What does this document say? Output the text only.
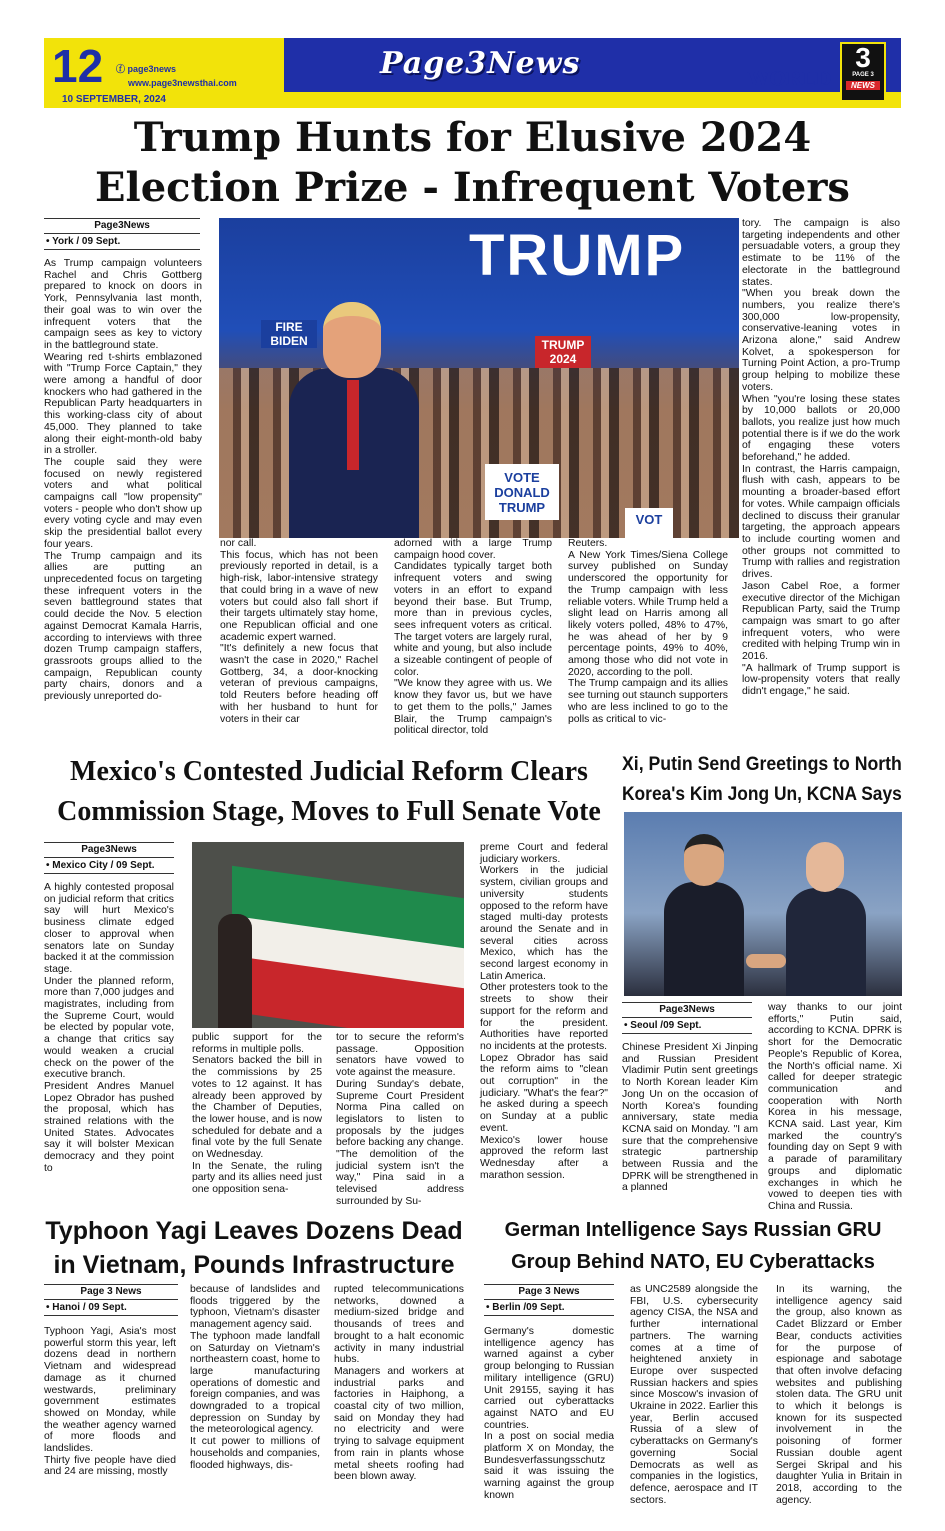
12 ⓕ page3news
www.page3newsthai.com
10 SEPTEMBER, 2024
Page3News	WORLD
3
PAGE 3
NEWS
Trump Hunts for Elusive 2024
Election Prize - Infrequent Voters
Page3News
• York / 09 Sept.	TRUMP
FIRE BIDEN	TRUMP 2024
VOTE DONALD TRUMP
VOT
As Trump campaign volunteers Rachel and Chris Gottberg prepared to knock on doors in York, Pennsylvania last month, their goal was to win over the infrequent voters that the campaign sees as key to victory in the battleground state.
Wearing red t-shirts emblazoned with "Trump Force Captain," they were among a handful of door knockers who had gathered in the Republican Party headquarters in this working-class city of about 45,000. They planned to take along their eight-month-old baby in a stroller.
The couple said they were focused on newly registered voters and what political campaigns call "low propensity" voters - people who don't show up every voting cycle and may even skip the presidential ballot every four years.
The Trump campaign and its allies are putting an unprecedented focus on targeting these infrequent voters in the seven battleground states that could decide the Nov. 5 election against Democrat Kamala Harris, according to interviews with three dozen Trump campaign staffers, grassroots groups allied to the campaign, Republican county party chairs, donors and a previously unreported do-
nor call.
This focus, which has not been previously reported in detail, is a high-risk, labor-intensive strategy that could bring in a wave of new voters but could also fall short if their targets ultimately stay home, one Republican official and one academic expert warned.
"It's definitely a new focus that wasn't the case in 2020," Rachel Gottberg, 34, a door-knocking veteran of previous campaigns, told Reuters before heading off with her husband to hunt for voters in their car
adorned with a large Trump campaign hood cover.
Candidates typically target both infrequent voters and swing voters in an effort to expand beyond their base. But Trump, more than in previous cycles, sees infrequent voters as critical. The target voters are largely rural, white and young, but also include a sizeable contingent of people of color.
"We know they agree with us. We know they favor us, but we have to get them to the polls," James Blair, the Trump campaign's political director, told
Reuters.
A New York Times/Siena College survey published on Sunday underscored the opportunity for the Trump campaign with less reliable voters. While Trump held a slight lead on Harris among all likely voters polled, 48% to 47%, he was ahead of her by 9 percentage points, 49% to 40%, among those who did not vote in 2020, according to the poll.
The Trump campaign and its allies see turning out staunch supporters who are less inclined to go to the polls as critical to vic-
tory. The campaign is also targeting independents and other persuadable voters, a group they estimate to be 11% of the electorate in the battleground states.
"When you break down the numbers, you realize there's 300,000 low-propensity, conservative-leaning votes in Arizona alone," said Andrew Kolvet, a spokesperson for Turning Point Action, a pro-Trump group helping to mobilize these voters.
When "you're losing these states by 10,000 ballots or 20,000 ballots, you realize just how much potential there is if we do the work of engaging these voters beforehand," he added.
In contrast, the Harris campaign, flush with cash, appears to be mounting a broader-based effort for votes. While campaign officials declined to discuss their granular targeting, the approach appears to include courting women and other groups not committed to Trump with rallies and registration drives.
Jason Cabel Roe, a former executive director of the Michigan Republican Party, said the Trump campaign was smart to go after infrequent voters, who were credited with helping Trump win in 2016.
"A hallmark of Trump support is low-propensity voters that really didn't engage," he said.
Mexico's Contested Judicial Reform Clears
Commission Stage, Moves to Full Senate Vote
Page3News
• Mexico City / 09 Sept.
A highly contested proposal on judicial reform that critics say will hurt Mexico's business climate edged closer to approval when senators late on Sunday backed it at the commission stage.
Under the planned reform, more than 7,000 judges and magistrates, including from the Supreme Court, would be elected by popular vote, a change that critics say would weaken a crucial check on the power of the executive branch.
President Andres Manuel Lopez Obrador has pushed the proposal, which has strained relations with the United States. Advocates say it will bolster Mexican democracy and they point to
public support for the reforms in multiple polls.
Senators backed the bill in the commissions by 25 votes to 12 against. It has already been approved by the Chamber of Deputies, the lower house, and is now scheduled for debate and a final vote by the full Senate on Wednesday.
In the Senate, the ruling party and its allies need just one opposition sena-
tor to secure the reform's passage. Opposition senators have vowed to vote against the measure.
During Sunday's debate, Supreme Court President Norma Pina called on legislators to listen to proposals by the judges before backing any change.
"The demolition of the judicial system isn't the way," Pina said in a televised address surrounded by Su-
preme Court and federal judiciary workers.
Workers in the judicial system, civilian groups and university students opposed to the reform have staged multi-day protests around the Senate and in several cities across Mexico, which has the second largest economy in Latin America.
Other protesters took to the streets to show their support for the reform and for the president. Authorities have reported no incidents at the protests.
Lopez Obrador has said the reform aims to "clean out corruption" in the judiciary. "What's the fear?" he asked during a speech on Sunday at a public event.
Mexico's lower house approved the reform last Wednesday after a marathon session.
Xi, Putin Send Greetings to North
Korea's Kim Jong Un, KCNA Says
Page3News
• Seoul /09 Sept.
Chinese President Xi Jinping and Russian President Vladimir Putin sent greetings to North Korean leader Kim Jong Un on the occasion of North Korea's founding anniversary, state media KCNA said on Monday. "I am sure that the comprehensive strategic partnership between Russia and the DPRK will be strengthened in a planned
way thanks to our joint efforts," Putin said, according to KCNA. DPRK is short for the Democratic People's Republic of Korea, the North's official name. Xi called for deeper strategic communication and cooperation with North Korea in his message, KCNA said. Last year, Kim marked the country's founding day on Sept 9 with a parade of paramilitary groups and diplomatic exchanges in which he vowed to deepen ties with China and Russia.
Typhoon Yagi Leaves Dozens Dead
in Vietnam, Pounds Infrastructure
Page 3 News
• Hanoi / 09 Sept.
Typhoon Yagi, Asia's most powerful storm this year, left dozens dead in northern Vietnam and widespread damage as it churned westwards, preliminary government estimates showed on Monday, while the weather agency warned of more floods and landslides.
Thirty five people have died and 24 are missing, mostly
because of landslides and floods triggered by the typhoon, Vietnam's disaster management agency said.
The typhoon made landfall on Saturday on Vietnam's northeastern coast, home to large manufacturing operations of domestic and foreign companies, and was downgraded to a tropical depression on Sunday by the meteorological agency.
It cut power to millions of households and companies, flooded highways, dis-
rupted telecommunications networks, downed a medium-sized bridge and thousands of trees and brought to a halt economic activity in many industrial hubs.
Managers and workers at industrial parks and factories in Haiphong, a coastal city of two million, said on Monday they had no electricity and were trying to salvage equipment from rain in plants whose metal sheets roofing had been blown away.
German Intelligence Says Russian GRU
Group Behind NATO, EU Cyberattacks
Page 3 News
• Berlin /09 Sept.
Germany's domestic intelligence agency has warned against a cyber group belonging to Russian military intelligence (GRU) Unit 29155, saying it has carried out cyberattacks against NATO and EU countries.
In a post on social media platform X on Monday, the Bundesverfassungsschutz said it was issuing the warning against the group known
as UNC2589 alongside the FBI, U.S. cybersecurity agency CISA, the NSA and further international partners. The warning comes at a time of heightened anxiety in Europe over suspected Russian hackers and spies since Moscow's invasion of Ukraine in 2022. Earlier this year, Berlin accused Russia of a slew of cyberattacks on Germany's governing Social Democrats as well as companies in the logistics, defence, aerospace and IT sectors.
In its warning, the intelligence agency said the group, also known as Cadet Blizzard or Ember Bear, conducts activities for the purpose of espionage and sabotage that often involve defacing websites and publishing stolen data. The GRU unit to which it belongs is known for its suspected involvement in the poisoning of former Russian double agent Sergei Skripal and his daughter Yulia in Britain in 2018, according to the agency.
